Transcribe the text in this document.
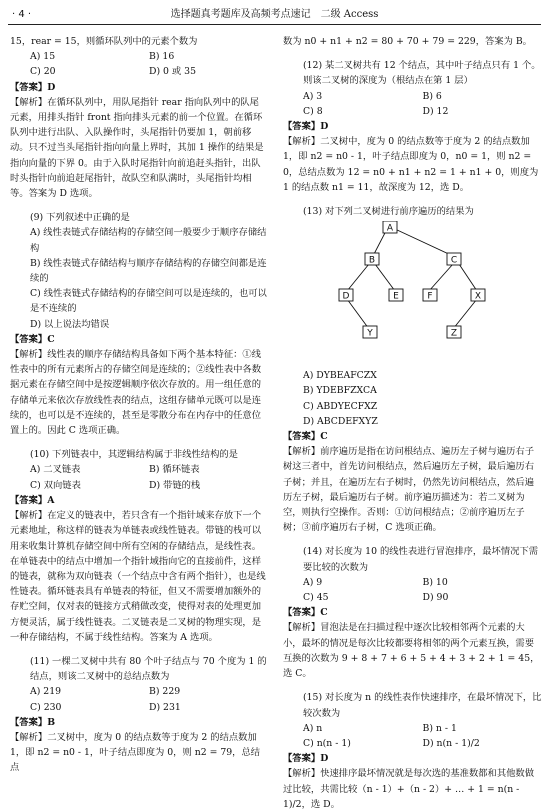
· 4 ·	选择题真考题库及高频考点速记　二级 Access

15，rear = 15，则循环队列中的元素个数为

A) 15	B) 16
C) 20	D) 0 或 35

【答案】D

【解析】在循环队列中，用队尾指针 rear 指向队列中的队尾元素，用排头指针 front 指向排头元素的前一个位置。在循环队列中进行出队、入队操作时，头尾指针仍要加 1，朝前移动。只不过当头尾指针指向向量上界时，其加 1 操作的结果是指向向量的下界 0。由于入队时尾指针向前追赶头指针，出队时头指针向前追赶尾指针，故队空和队满时，头尾指针均相等。答案为 D 选项。

(9) 下列叙述中正确的是

A) 线性表链式存储结构的存储空间一般要少于顺序存储结构

B) 线性表链式存储结构与顺序存储结构的存储空间都是连续的

C) 线性表链式存储结构的存储空间可以是连续的，也可以是不连续的

D) 以上说法均错误

【答案】C

【解析】线性表的顺序存储结构具备如下两个基本特征：①线性表中的所有元素所占的存储空间是连续的；②线性表中各数据元素在存储空间中是按逻辑顺序依次存放的。用一组任意的存储单元来依次存放线性表的结点，这组存储单元既可以是连续的，也可以是不连续的，甚至是零散分布在内存中的任意位置上的。因此 C 选项正确。

(10) 下列链表中，其逻辑结构属于非线性结构的是

A) 二叉链表	B) 循环链表
C) 双向链表	D) 带链的栈

【答案】A

【解析】在定义的链表中，若只含有一个指针域来存放下一个元素地址，称这样的链表为单链表或线性链表。带链的栈可以用来收集计算机存储空间中所有空闲的存储结点，是线性表。在单链表中的结点中增加一个指针域指向它的直接前件，这样的链表，就称为双向链表（一个结点中含有两个指针），也是线性链表。循环链表具有单链表的特征，但又不需要增加额外的存贮空间，仅对表的链接方式稍做改变，使得对表的处理更加方便灵活，属于线性链表。二叉链表是二叉树的物理实现，是一种存储结构，不属于线性结构。答案为 A 选项。

(11) 一棵二叉树中共有 80 个叶子结点与 70 个度为 1 的结点，则该二叉树中的总结点数为

A) 219	B) 229
C) 230	D) 231

【答案】B

【解析】二叉树中，度为 0 的结点数等于度为 2 的结点数加 1，即 n2 = n0 - 1，叶子结点即度为 0，则 n2 = 79，总结点

数为 n0 + n1 + n2 = 80 + 70 + 79 = 229，答案为 B。

(12) 某二叉树共有 12 个结点，其中叶子结点只有 1 个。则该二叉树的深度为（根结点在第 1 层）

A) 3	B) 6
C) 8	D) 12

【答案】D

【解析】二叉树中，度为 0 的结点数等于度为 2 的结点数加 1，即 n2 = n0 - 1，叶子结点即度为 0，n0 = 1，则 n2 = 0，总结点数为 12 = n0 + n1 + n2 = 1 + n1 + 0，则度为 1 的结点数 n1 = 11，故深度为 12，选 D。

(13) 对下列二叉树进行前序遍历的结果为

A
B	C
D	E	F	X
Y	Z
A) DYBEAFCZX
B) YDEBFZXCA
C) ABDYECFXZ
D) ABCDEFXYZ

【答案】C

【解析】前序遍历是指在访问根结点、遍历左子树与遍历右子树这三者中，首先访问根结点，然后遍历左子树，最后遍历右子树；并且，在遍历左右子树时，仍然先访问根结点，然后遍历左子树，最后遍历右子树。前序遍历描述为：若二叉树为空，则执行空操作。否则：①访问根结点；②前序遍历左子树；③前序遍历右子树，C 选项正确。

(14) 对长度为 10 的线性表进行冒泡排序，最坏情况下需要比较的次数为

A) 9	B) 10
C) 45	D) 90

【答案】C

【解析】冒泡法是在扫描过程中逐次比较相邻两个元素的大小，最坏的情况是每次比较都要将相邻的两个元素互换，需要互换的次数为 9 + 8 + 7 + 6 + 5 + 4 + 3 + 2 + 1 = 45，选 C。

(15) 对长度为 n 的线性表作快速排序，在最坏情况下，比较次数为

A) n	B) n - 1
C) n(n - 1)	D) n(n - 1)/2

【答案】D

【解析】快速排序最坏情况就是每次选的基准数都和其他数做过比较，共需比较（n - 1）+（n - 2）+ … + 1 = n(n - 1)/2，选 D。
